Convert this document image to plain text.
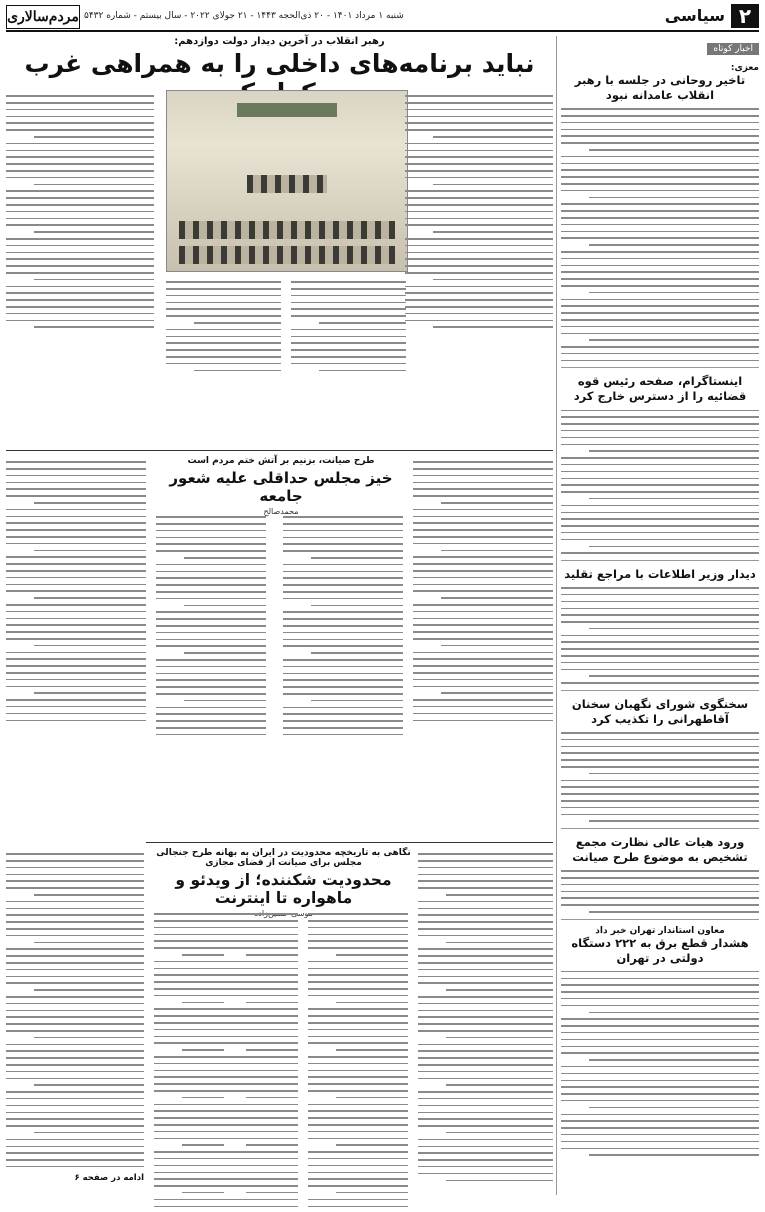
۲
سیاسی
شنبه ۱ مرداد ۱۴۰۱ - ۲۰ ذی‌الحجه ۱۴۴۳ - ۲۱ جولای ۲۰۲۲ - سال بیستم - شماره ۵۴۳۲
مردم‌سالاری
اخبار کوتاه
معزی:
تاخیر روحانی در جلسه با رهبر انقلاب عامدانه نبود
اینستاگرام، صفحه رئیس قوه قضائیه را از دسترس خارج کرد
دیدار وزیر اطلاعات با مراجع تقلید
سخنگوی شورای نگهبان سخنان آقاطهرانی را تکذیب کرد
ورود هیات عالی نظارت مجمع تشخیص به موضوع طرح صیانت
معاون استاندار تهران خبر داد
هشدار قطع برق به ۲۲۲ دستگاه دولتی در تهران
رهبر انقلاب در آخرین دیدار دولت دوازدهم:
نباید برنامه‌های داخلی را به همراهی غرب
طرح صیانت، بزنیم بر آتش ختم مردم است
خیز مجلس حداقلی علیه شعور جامعه
محمدصالح
نگاهی به تاریخچه محدودیت در ایران به بهانه طرح جنجالی مجلس برای صیانت از فضای مجازی
محدودیت شکننده؛ از ویدئو و ماهواره تا اینترنت
موسی
ادامه در صفحه ۶
